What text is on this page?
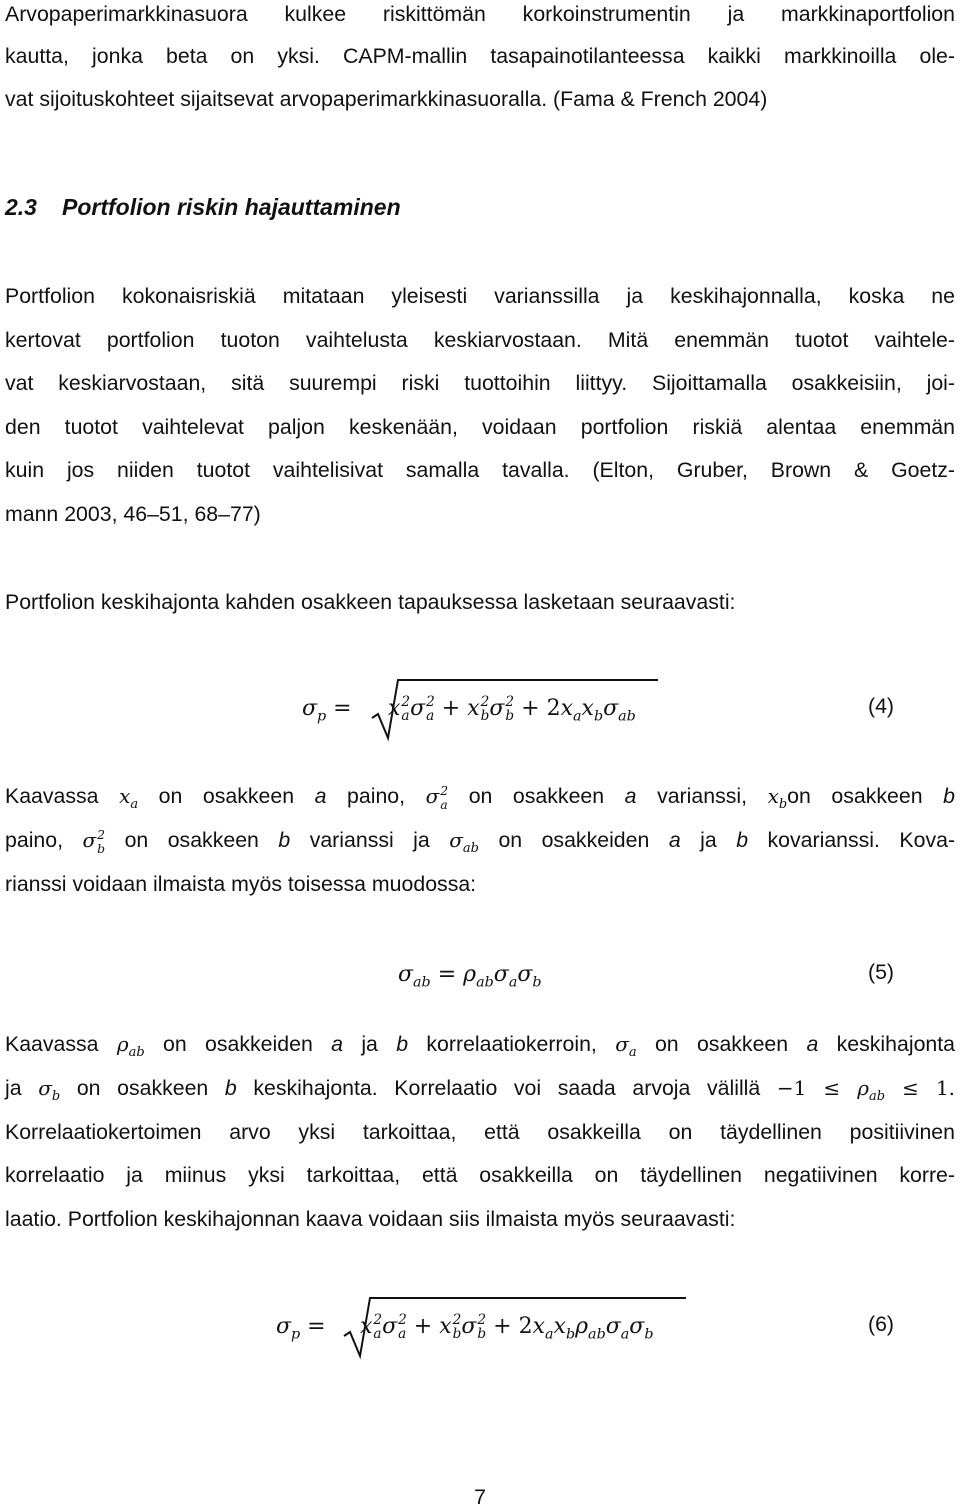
Arvopaperimarkkinasuora kulkee riskittömän korkoinstrumentin ja markkinaportfolion
kautta, jonka beta on yksi. CAPM-mallin tasapainotilanteessa kaikki markkinoilla ole-
vat sijoituskohteet sijaitsevat arvopaperimarkkinasuoralla. (Fama & French 2004)
2.3 Portfolion riskin hajauttaminen
Portfolion kokonaisriskiä mitataan yleisesti varianssilla ja keskihajonnalla, koska ne
kertovat portfolion tuoton vaihtelusta keskiarvostaan. Mitä enemmän tuotot vaihtele-
vat keskiarvostaan, sitä suurempi riski tuottoihin liittyy. Sijoittamalla osakkeisiin, joi-
den tuotot vaihtelevat paljon keskenään, voidaan portfolion riskiä alentaa enemmän
kuin jos niiden tuotot vaihtelisivat samalla tavalla. (Elton, Gruber, Brown & Goetz-
mann 2003, 46–51, 68–77)
Portfolion keskihajonta kahden osakkeen tapauksessa lasketaan seuraavasti:
$\sigma_p = x$ 2
a σ 2
a + x 2
b σ 2
$b + 2x_ax_b\sigma_{ab}$	(4)
Kaavassa $x_a$ on osakkeen a paino, σ 2
a on osakkeen a varianssi, $x_bon$ osakkeen b
paino, σ 2
b on osakkeen b varianssi ja $\sigma_{ab}$ on osakkeiden a ja b kovarianssi. Kova-
rianssi voidaan ilmaista myös toisessa muodossa:
$\sigma_{ab} = \rho_{ab}\sigma_a\sigma_b$	(5)
Kaavassa $\rho_{ab}$ on osakkeiden a ja b korrelaatiokerroin, $\sigma_a$ on osakkeen a keskihajonta
ja $\sigma_b$ on osakkeen b keskihajonta. Korrelaatio voi saada arvoja välillä $-1 \le \rho_{ab} \le 1$.
Korrelaatiokertoimen arvo yksi tarkoittaa, että osakkeilla on täydellinen positiivinen
korrelaatio ja miinus yksi tarkoittaa, että osakkeilla on täydellinen negatiivinen korre-
laatio. Portfolion keskihajonnan kaava voidaan siis ilmaista myös seuraavasti:
$\sigma_p = x$ 2
a σ 2
a + x 2
b σ 2
$b + 2x_ax_b\rho_{ab}\sigma_a\sigma_b$	(6)
7
